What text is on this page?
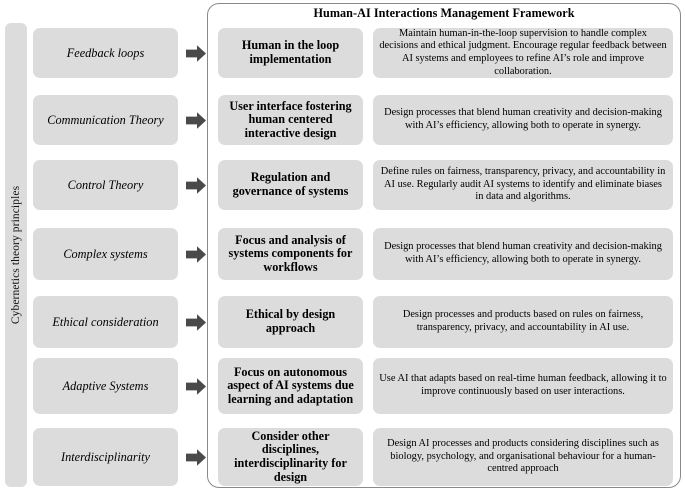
Cybernetics theory principles
Human-AI Interactions Management Framework
Feedback loops
Human in the loop implementation
Maintain human-in-the-loop supervision to handle complex decisions and ethical judgment. Encourage regular feedback between AI systems and employees to refine AI’s role and improve collaboration.
Communication Theory
User interface fostering human centered interactive design
Design processes that blend human creativity and decision-making with AI’s efficiency, allowing both to operate in synergy.
Control Theory
Regulation and governance of systems
Define rules on fairness, transparency, privacy, and accountability in AI use. Regularly audit AI systems to identify and eliminate biases in data and algorithms.
Complex systems
Focus and analysis of systems components for workflows
Design processes that blend human creativity and decision-making with AI’s efficiency, allowing both to operate in synergy.
Ethical consideration
Ethical by design approach
Design processes and products based on rules on fairness, transparency, privacy, and accountability in AI use.
Adaptive Systems
Focus on autonomous aspect of AI systems due learning and adaptation
Use AI that adapts based on real-time human feedback, allowing it to improve continuously based on user interactions.
Interdisciplinarity
Consider other disciplines, interdisciplinarity for design
Design AI processes and products considering disciplines such as biology, psychology, and organisational behaviour for a human-centred approach
